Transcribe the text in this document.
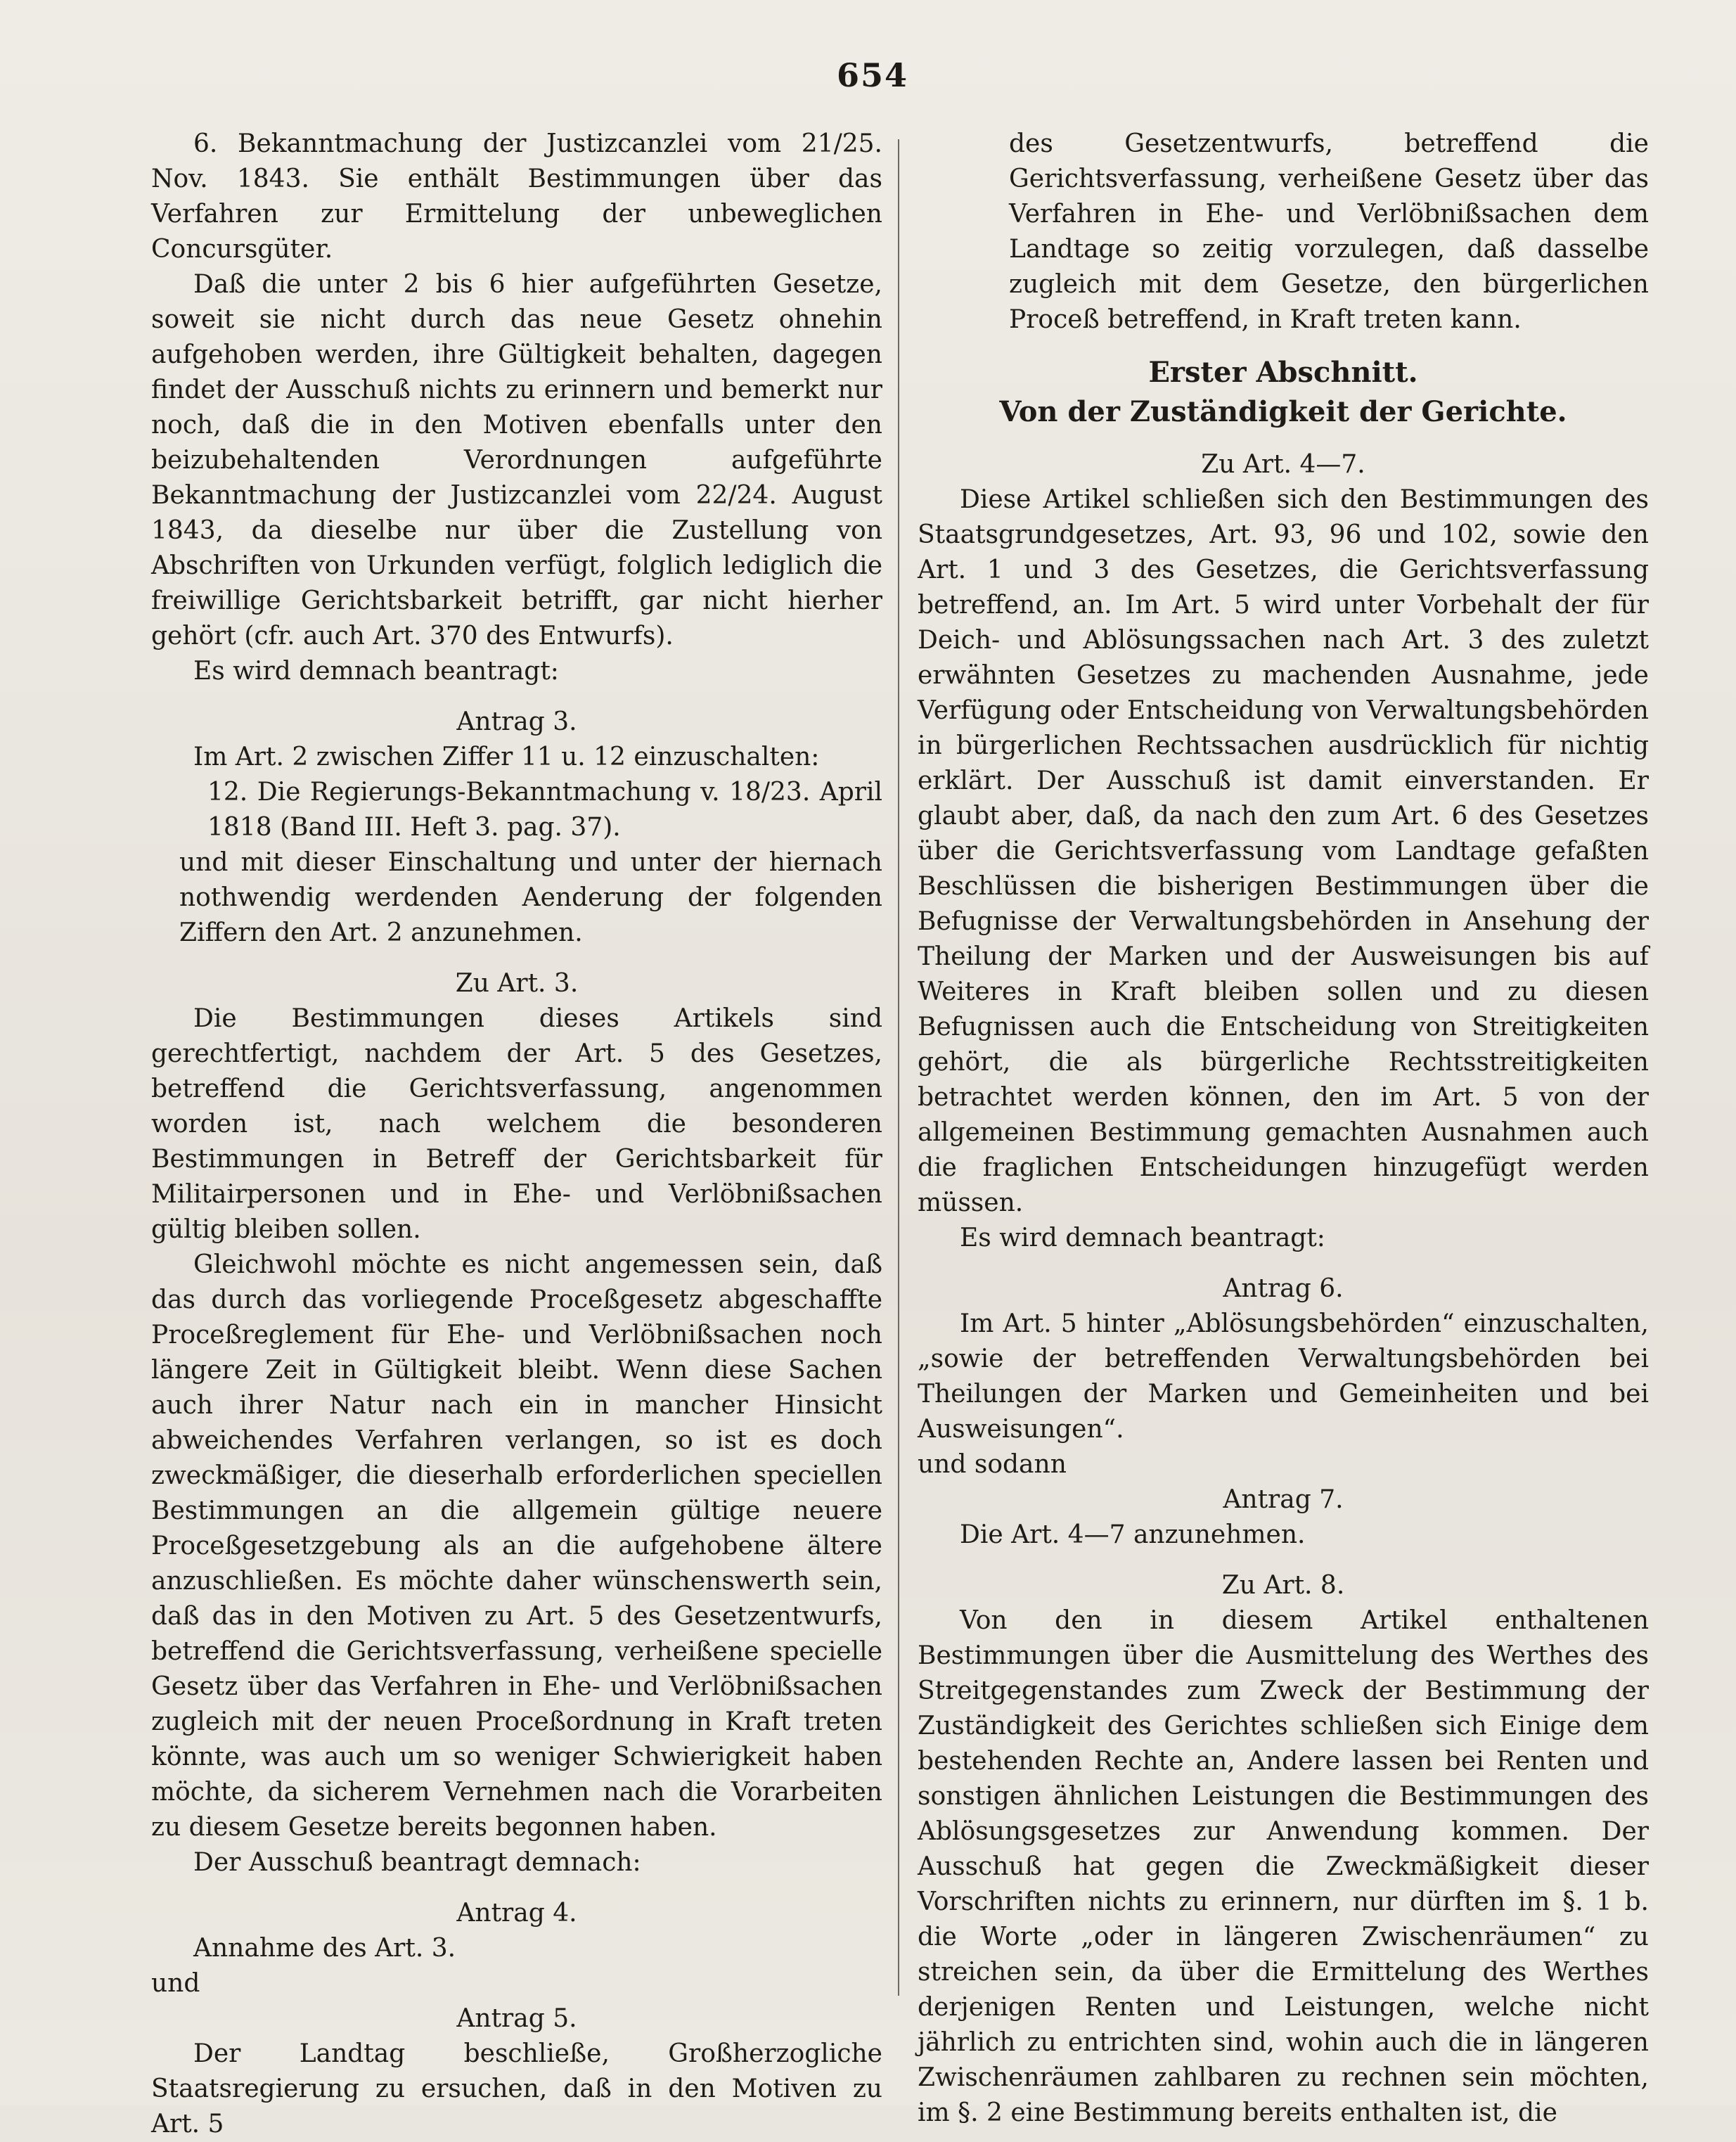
654

6. Bekanntmachung der Justizcanzlei vom 21/25. Nov. 1843. Sie enthält Bestimmungen über das Verfahren zur Ermittelung der unbeweglichen Concursgüter.

Daß die unter 2 bis 6 hier aufgeführten Gesetze, soweit sie nicht durch das neue Gesetz ohnehin aufgehoben werden, ihre Gültigkeit behalten, dagegen findet der Ausschuß nichts zu erinnern und bemerkt nur noch, daß die in den Motiven ebenfalls unter den beizubehaltenden Verordnungen aufgeführte Bekanntmachung der Justizcanzlei vom 22/24. August 1843, da dieselbe nur über die Zustellung von Abschriften von Urkunden verfügt, folglich lediglich die freiwillige Gerichtsbarkeit betrifft, gar nicht hierher gehört (cfr. auch Art. 370 des Entwurfs).

Es wird demnach beantragt:

Antrag 3.

Im Art. 2 zwischen Ziffer 11 u. 12 einzuschalten:

12. Die Regierungs-Bekanntmachung v. 18/23. April 1818 (Band III. Heft 3. pag. 37).

und mit dieser Einschaltung und unter der hiernach nothwendig werdenden Aenderung der folgenden Ziffern den Art. 2 anzunehmen.

Zu Art. 3.

Die Bestimmungen dieses Artikels sind gerechtfertigt, nachdem der Art. 5 des Gesetzes, betreffend die Gerichtsverfassung, angenommen worden ist, nach welchem die besonderen Bestimmungen in Betreff der Gerichtsbarkeit für Militairpersonen und in Ehe- und Verlöbnißsachen gültig bleiben sollen.

Gleichwohl möchte es nicht angemessen sein, daß das durch das vorliegende Proceßgesetz abgeschaffte Proceßreglement für Ehe- und Verlöbnißsachen noch längere Zeit in Gültigkeit bleibt. Wenn diese Sachen auch ihrer Natur nach ein in mancher Hinsicht abweichendes Verfahren verlangen, so ist es doch zweckmäßiger, die dieserhalb erforderlichen speciellen Bestimmungen an die allgemein gültige neuere Proceßgesetzgebung als an die aufgehobene ältere anzuschließen. Es möchte daher wünschenswerth sein, daß das in den Motiven zu Art. 5 des Gesetzentwurfs, betreffend die Gerichtsverfassung, verheißene specielle Gesetz über das Verfahren in Ehe- und Verlöbnißsachen zugleich mit der neuen Proceßordnung in Kraft treten könnte, was auch um so weniger Schwierigkeit haben möchte, da sicherem Vernehmen nach die Vorarbeiten zu diesem Gesetze bereits begonnen haben.

Der Ausschuß beantragt demnach:

Antrag 4.

Annahme des Art. 3.

und

Antrag 5.

Der Landtag beschließe, Großherzogliche Staatsregierung zu ersuchen, daß in den Motiven zu Art. 5

des Gesetzentwurfs, betreffend die Gerichtsverfassung, verheißene Gesetz über das Verfahren in Ehe- und Verlöbnißsachen dem Landtage so zeitig vorzulegen, daß dasselbe zugleich mit dem Gesetze, den bürgerlichen Proceß betreffend, in Kraft treten kann.

Erster Abschnitt.

Von der Zuständigkeit der Gerichte.

Zu Art. 4—7.

Diese Artikel schließen sich den Bestimmungen des Staatsgrundgesetzes, Art. 93, 96 und 102, sowie den Art. 1 und 3 des Gesetzes, die Gerichtsverfassung betreffend, an. Im Art. 5 wird unter Vorbehalt der für Deich- und Ablösungssachen nach Art. 3 des zuletzt erwähnten Gesetzes zu machenden Ausnahme, jede Verfügung oder Entscheidung von Verwaltungsbehörden in bürgerlichen Rechtssachen ausdrücklich für nichtig erklärt. Der Ausschuß ist damit einverstanden. Er glaubt aber, daß, da nach den zum Art. 6 des Gesetzes über die Gerichtsverfassung vom Landtage gefaßten Beschlüssen die bisherigen Bestimmungen über die Befugnisse der Verwaltungsbehörden in Ansehung der Theilung der Marken und der Ausweisungen bis auf Weiteres in Kraft bleiben sollen und zu diesen Befugnissen auch die Entscheidung von Streitigkeiten gehört, die als bürgerliche Rechtsstreitigkeiten betrachtet werden können, den im Art. 5 von der allgemeinen Bestimmung gemachten Ausnahmen auch die fraglichen Entscheidungen hinzugefügt werden müssen.

Es wird demnach beantragt:

Antrag 6.

Im Art. 5 hinter „Ablösungsbehörden“ einzuschalten, „sowie der betreffenden Verwaltungsbehörden bei Theilungen der Marken und Gemeinheiten und bei Ausweisungen“.

und sodann

Antrag 7.

Die Art. 4—7 anzunehmen.

Zu Art. 8.

Von den in diesem Artikel enthaltenen Bestimmungen über die Ausmittelung des Werthes des Streitgegenstandes zum Zweck der Bestimmung der Zuständigkeit des Gerichtes schließen sich Einige dem bestehenden Rechte an, Andere lassen bei Renten und sonstigen ähnlichen Leistungen die Bestimmungen des Ablösungsgesetzes zur Anwendung kommen. Der Ausschuß hat gegen die Zweckmäßigkeit dieser Vorschriften nichts zu erinnern, nur dürften im §. 1 b. die Worte „oder in längeren Zwischenräumen“ zu streichen sein, da über die Ermittelung des Werthes derjenigen Renten und Leistungen, welche nicht jährlich zu entrichten sind, wohin auch die in längeren Zwischenräumen zahlbaren zu rechnen sein möchten, im §. 2 eine Bestimmung bereits enthalten ist, die
